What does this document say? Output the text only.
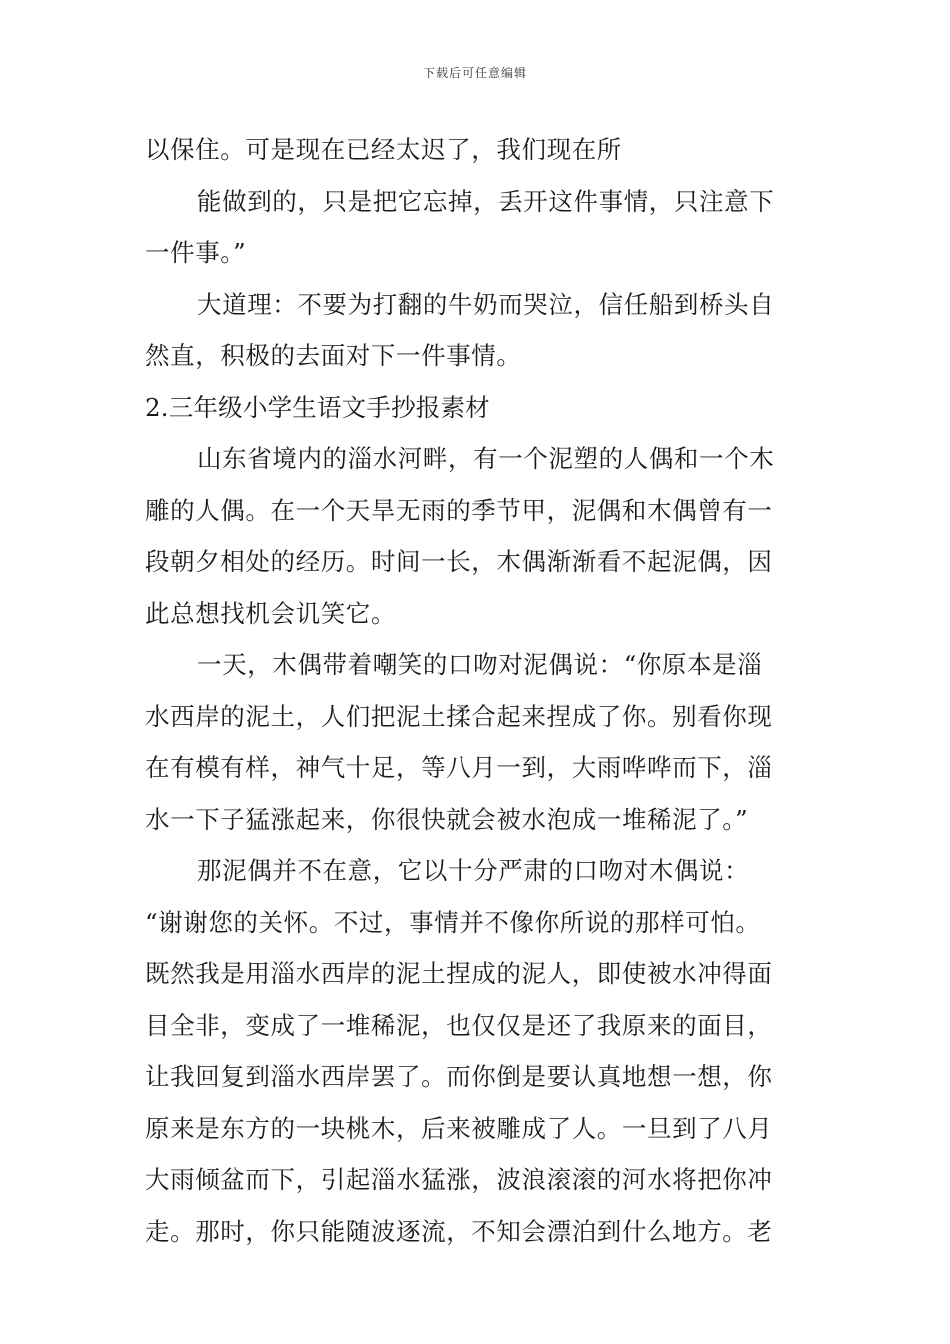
下载后可任意编辑
以保住。可是现在已经太迟了，我们现在所
能做到的，只是把它忘掉，丢开这件事情，只注意下
一件事。”
大道理：不要为打翻的牛奶而哭泣，信任船到桥头自
然直，积极的去面对下一件事情。
2.三年级小学生语文手抄报素材
山东省境内的淄水河畔，有一个泥塑的人偶和一个木
雕的人偶。在一个天旱无雨的季节甲，泥偶和木偶曾有一
段朝夕相处的经历。时间一长，木偶渐渐看不起泥偶，因
此总想找机会讥笑它。
一天，木偶带着嘲笑的口吻对泥偶说：“你原本是淄
水西岸的泥土，人们把泥土揉合起来捏成了你。别看你现
在有模有样，神气十足，等八月一到，大雨哗哗而下，淄
水一下子猛涨起来，你很快就会被水泡成一堆稀泥了。”
那泥偶并不在意，它以十分严肃的口吻对木偶说：
“谢谢您的关怀。不过，事情并不像你所说的那样可怕。
既然我是用淄水西岸的泥土捏成的泥人，即使被水冲得面
目全非，变成了一堆稀泥，也仅仅是还了我原来的面目，
让我回复到淄水西岸罢了。而你倒是要认真地想一想，你
原来是东方的一块桃木，后来被雕成了人。一旦到了八月
大雨倾盆而下，引起淄水猛涨，波浪滚滚的河水将把你冲
走。那时，你只能随波逐流，不知会漂泊到什么地方。老
